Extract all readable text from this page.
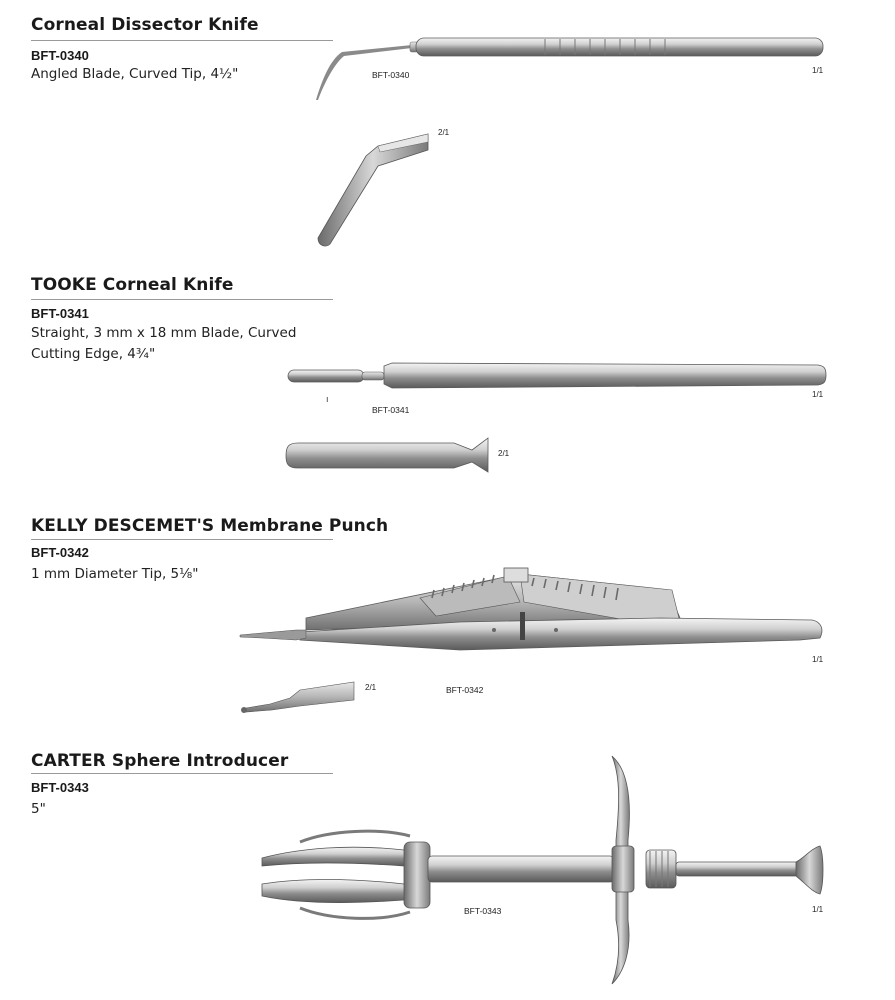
ı
Corneal Dissector Knife
BFT-0340
Angled Blade, Curved Tip, 4½"	BFT-0340	1/1
2/1
TOOKE Corneal Knife
BFT-0341
Straight, 3 mm x 18 mm Blade, Curved Cutting Edge, 4¾"
BFT-0341
1/1
2/1
KELLY DESCEMET'S Membrane Punch
BFT-0342
1 mm Diameter Tip, 5⅛"
BFT-0342
1/1
2/1
CARTER Sphere Introducer
BFT-0343
5"
BFT-0343	1/1
